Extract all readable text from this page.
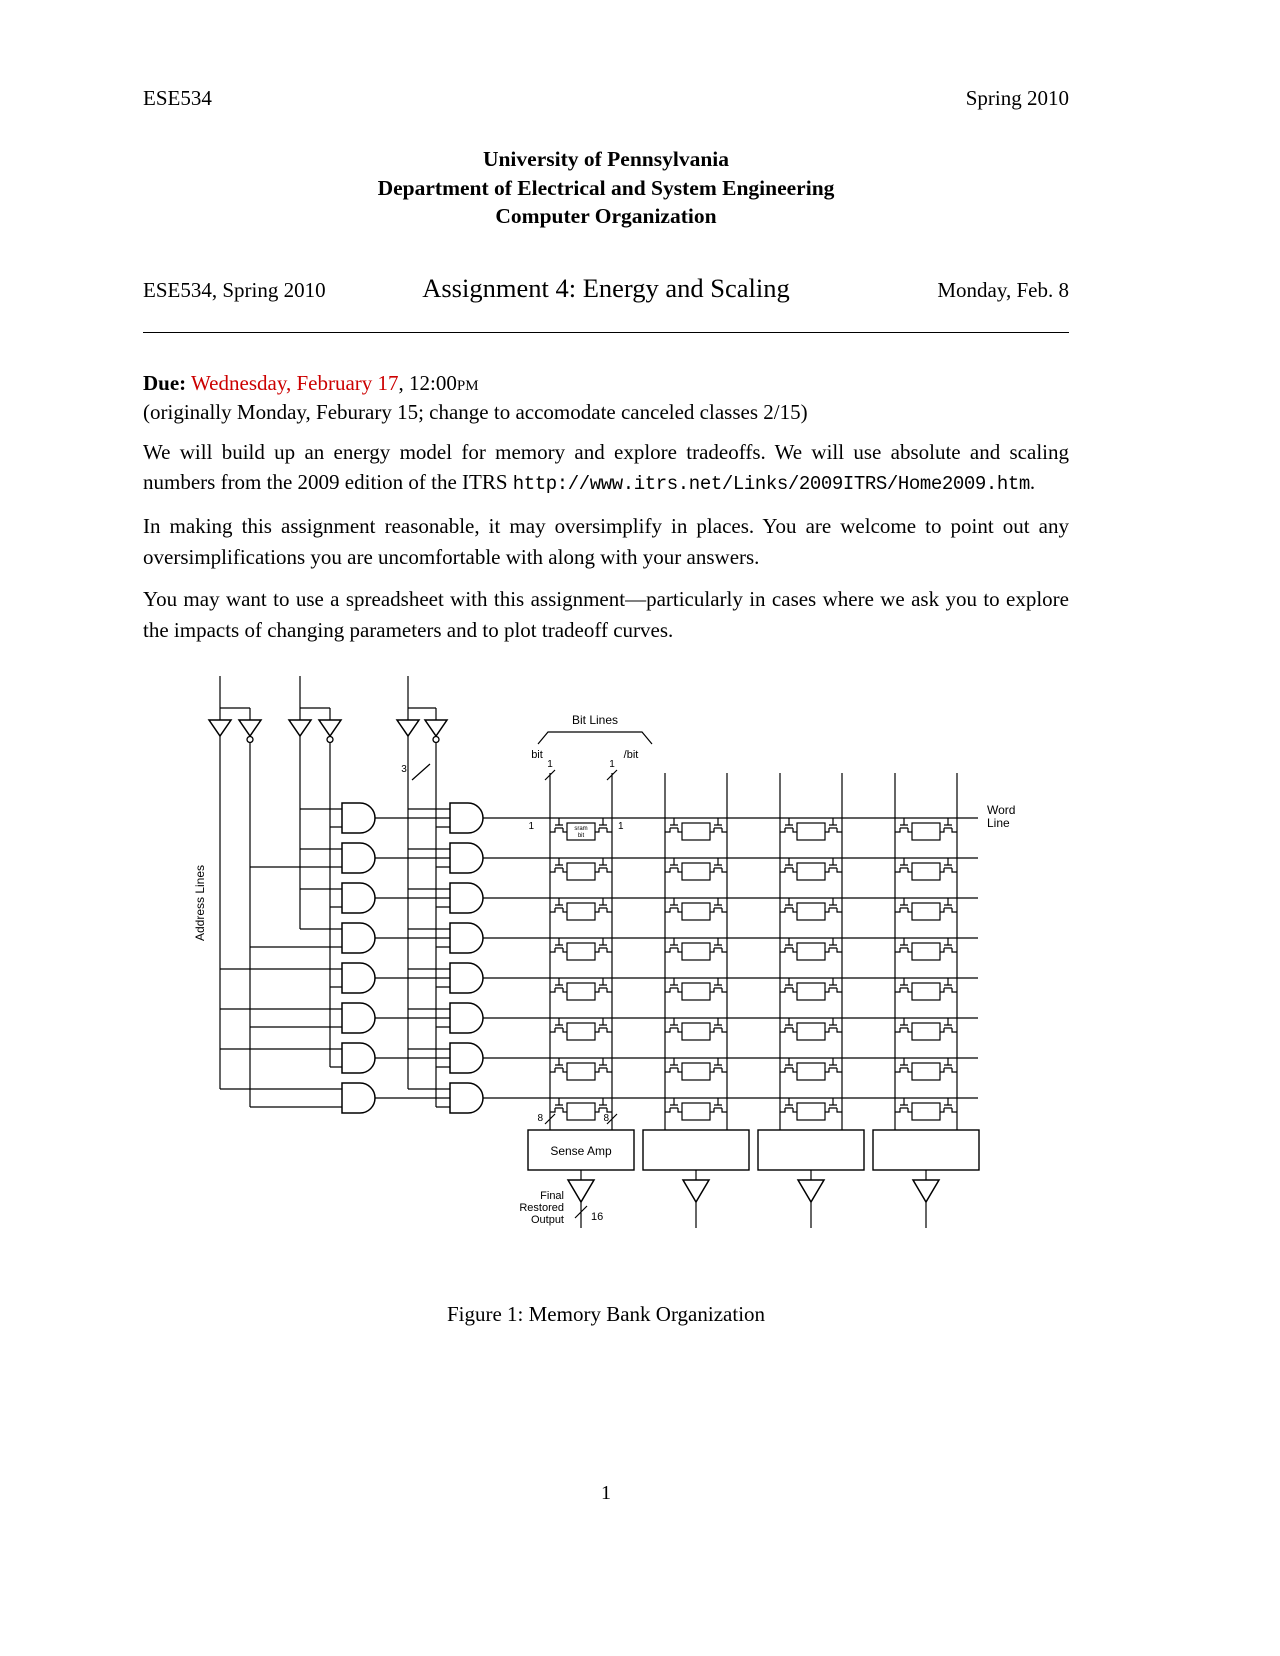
ESE534	Spring 2010
University of Pennsylvania
Department of Electrical and System Engineering
Computer Organization
ESE534, Spring 2010	Assignment 4: Energy and Scaling	Monday, Feb. 8

Due: Wednesday, February 17, 12:00pm

(originally Monday, Feburary 15; change to accomodate canceled classes 2/15)

We will build up an energy model for memory and explore tradeoffs. We will use absolute and scaling numbers from the 2009 edition of the ITRS http://www.itrs.net/Links/2009ITRS/Home2009.htm.

In making this assignment reasonable, it may oversimplify in places. You are welcome to point out any oversimplifications you are uncomfortable with along with your answers.

You may want to use a spreadsheet with this assignment—particularly in cases where we ask you to explore the impacts of changing parameters and to plot tradeoff curves.

Bit Lines
bit	/bit
1	1
3
1	1
sram
bit
Word
Line
Address Lines
8	8
Sense Amp
Final
Restored
Output 16
Figure 1: Memory Bank Organization
1
